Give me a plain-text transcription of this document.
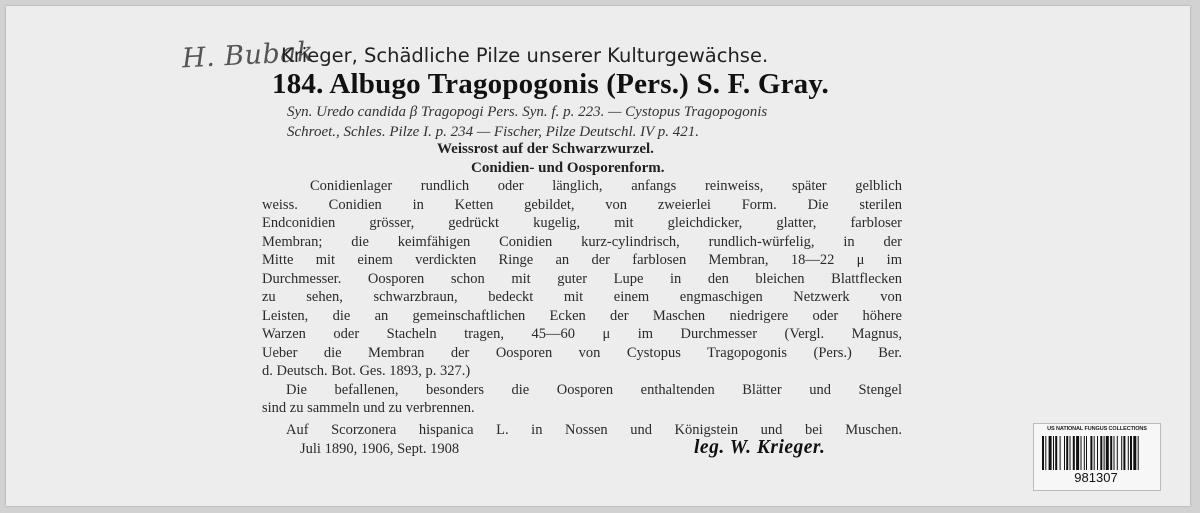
H. Bubak
Krieger, Schädliche Pilze unserer Kulturgewächse.
184. Albugo Tragopogonis (Pers.) S. F. Gray.
Syn. Uredo candida β Tragopogi Pers. Syn. f. p. 223. — Cystopus Tragopogonis
Schroet., Schles. Pilze I. p. 234 — Fischer, Pilze Deutschl. IV p. 421.
Weissrost auf der Schwarzwurzel.
Conidien- und Oosporenform.
Conidienlager rundlich oder länglich, anfangs reinweiss, später gelblich
weiss. Conidien in Ketten gebildet, von zweierlei Form. Die sterilen
Endconidien grösser, gedrückt kugelig, mit gleichdicker, glatter, farbloser
Membran; die keimfähigen Conidien kurz-cylindrisch, rundlich-würfelig, in der
Mitte mit einem verdickten Ringe an der farblosen Membran, 18—22 μ im
Durchmesser. Oosporen schon mit guter Lupe in den bleichen Blattflecken
zu sehen, schwarzbraun, bedeckt mit einem engmaschigen Netzwerk von
Leisten, die an gemeinschaftlichen Ecken der Maschen niedrigere oder höhere
Warzen oder Stacheln tragen, 45—60 μ im Durchmesser (Vergl. Magnus,
Ueber die Membran der Oosporen von Cystopus Tragopogonis (Pers.) Ber.
d. Deutsch. Bot. Ges. 1893, p. 327.)
Die befallenen, besonders die Oosporen enthaltenden Blätter und Stengel
sind zu sammeln und zu verbrennen.
Auf Scorzonera hispanica L. in Nossen und Königstein und bei Muschen.
Juli 1890, 1906, Sept. 1908	leg. W. Krieger.
US NATIONAL FUNGUS COLLECTIONS
981307
